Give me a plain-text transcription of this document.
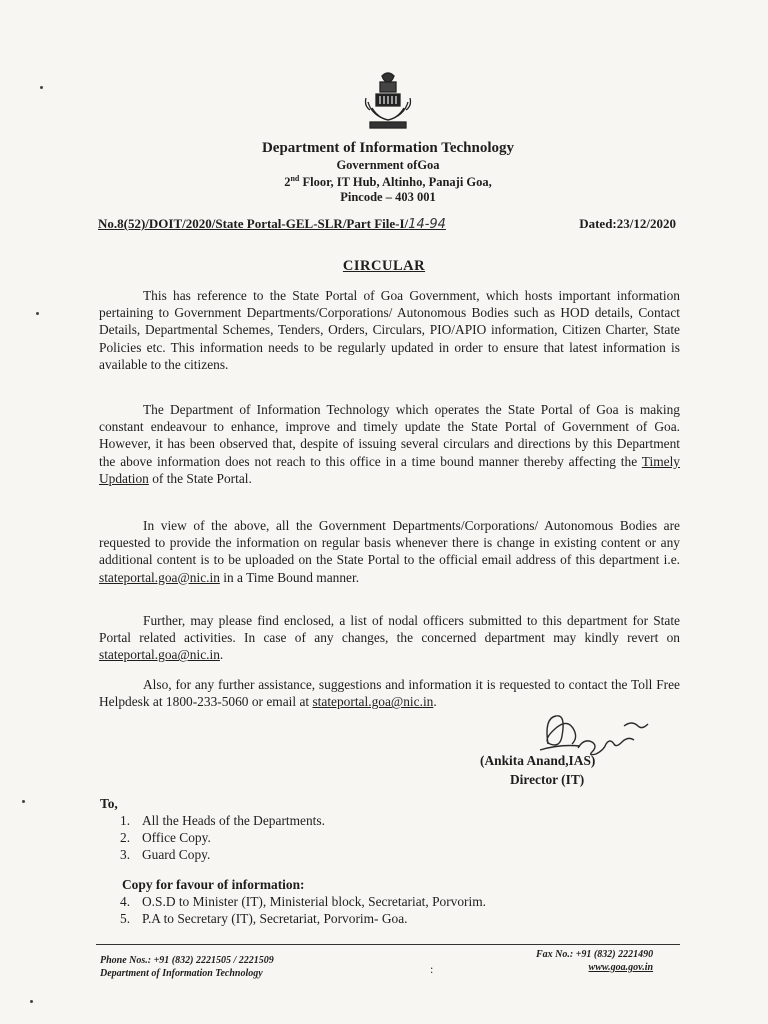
Department of Information Technology
Government ofGoa
2nd Floor, IT Hub, Altinho, Panaji Goa,
Pincode – 403 001
No.8(52)/DOIT/2020/State Portal-GEL-SLR/Part File-I/14-94	Dated:23/12/2020
CIRCULAR

This has reference to the State Portal of Goa Government, which hosts important information pertaining to Government Departments/Corporations/ Autonomous Bodies such as HOD details, Contact Details, Departmental Schemes, Tenders, Orders, Circulars, PIO/APIO information, Citizen Charter, State Policies etc. This information needs to be regularly updated in order to ensure that latest information is available to the citizens.

The Department of Information Technology which operates the State Portal of Goa is making constant endeavour to enhance, improve and timely update the State Portal of Government of Goa. However, it has been observed that, despite of issuing several circulars and directions by this Department the above information does not reach to this office in a time bound manner thereby affecting the Timely Updation of the State Portal.

In view of the above, all the Government Departments/Corporations/ Autonomous Bodies are requested to provide the information on regular basis whenever there is change in existing content or any additional content is to be uploaded on the State Portal to the official email address of this department i.e. stateportal.goa@nic.in in a Time Bound manner.

Further, may please find enclosed, a list of nodal officers submitted to this department for State Portal related activities. In case of any changes, the concerned department may kindly revert on stateportal.goa@nic.in.

Also, for any further assistance, suggestions and information it is requested to contact the Toll Free Helpdesk at 1800-233-5060 or email at stateportal.goa@nic.in.

(Ankita Anand,IAS)
Director (IT)
To,
1. All the Heads of the Departments.
2. Office Copy.
3. Guard Copy.
Copy for favour of information:
4. O.S.D to Minister (IT), Ministerial block, Secretariat, Porvorim.
5. P.A to Secretary (IT), Secretariat, Porvorim- Goa.
Phone Nos.: +91 (832) 2221505 / 2221509
Department of Information Technology	:
Fax No.: +91 (832) 2221490
www.goa.gov.in
